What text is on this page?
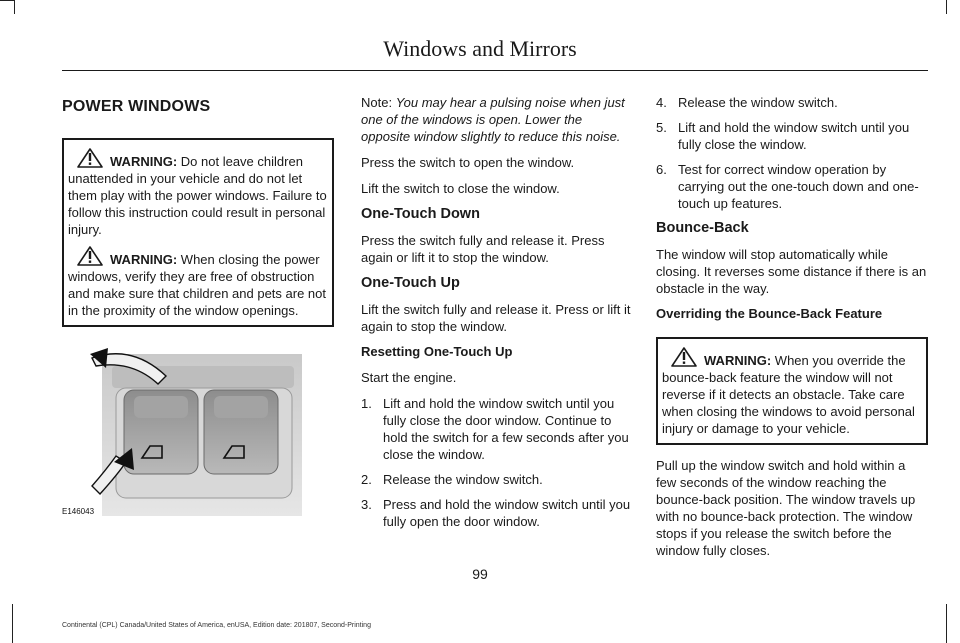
Windows and Mirrors
POWER WINDOWS

WARNING: Do not leave children unattended in your vehicle and do not let them play with the power windows. Failure to follow this instruction could result in personal injury.

WARNING: When closing the power windows, verify they are free of obstruction and make sure that children and pets are not in the proximity of the window openings.

E146043

Note: You may hear a pulsing noise when just one of the windows is open. Lower the opposite window slightly to reduce this noise.

Press the switch to open the window.

Lift the switch to close the window.

One-Touch Down

Press the switch fully and release it. Press again or lift it to stop the window.

One-Touch Up

Lift the switch fully and release it. Press or lift it again to stop the window.

Resetting One-Touch Up

Start the engine.

1. Lift and hold the window switch until you fully close the door window. Continue to hold the switch for a few seconds after you close the window.
2. Release the window switch.
3. Press and hold the window switch until you fully open the door window.
4. Release the window switch.
5. Lift and hold the window switch until you fully close the window.
6. Test for correct window operation by carrying out the one-touch down and one-touch up features.
Bounce-Back

The window will stop automatically while closing. It reverses some distance if there is an obstacle in the way.

Overriding the Bounce-Back Feature

WARNING: When you override the bounce-back feature the window will not reverse if it detects an obstacle. Take care when closing the windows to avoid personal injury or damage to your vehicle.

Pull up the window switch and hold within a few seconds of the window reaching the bounce-back position. The window travels up with no bounce-back protection. The window stops if you release the switch before the window fully closes.

99
Continental (CPL) Canada/United States of America, enUSA, Edition date: 201807, Second-Printing
